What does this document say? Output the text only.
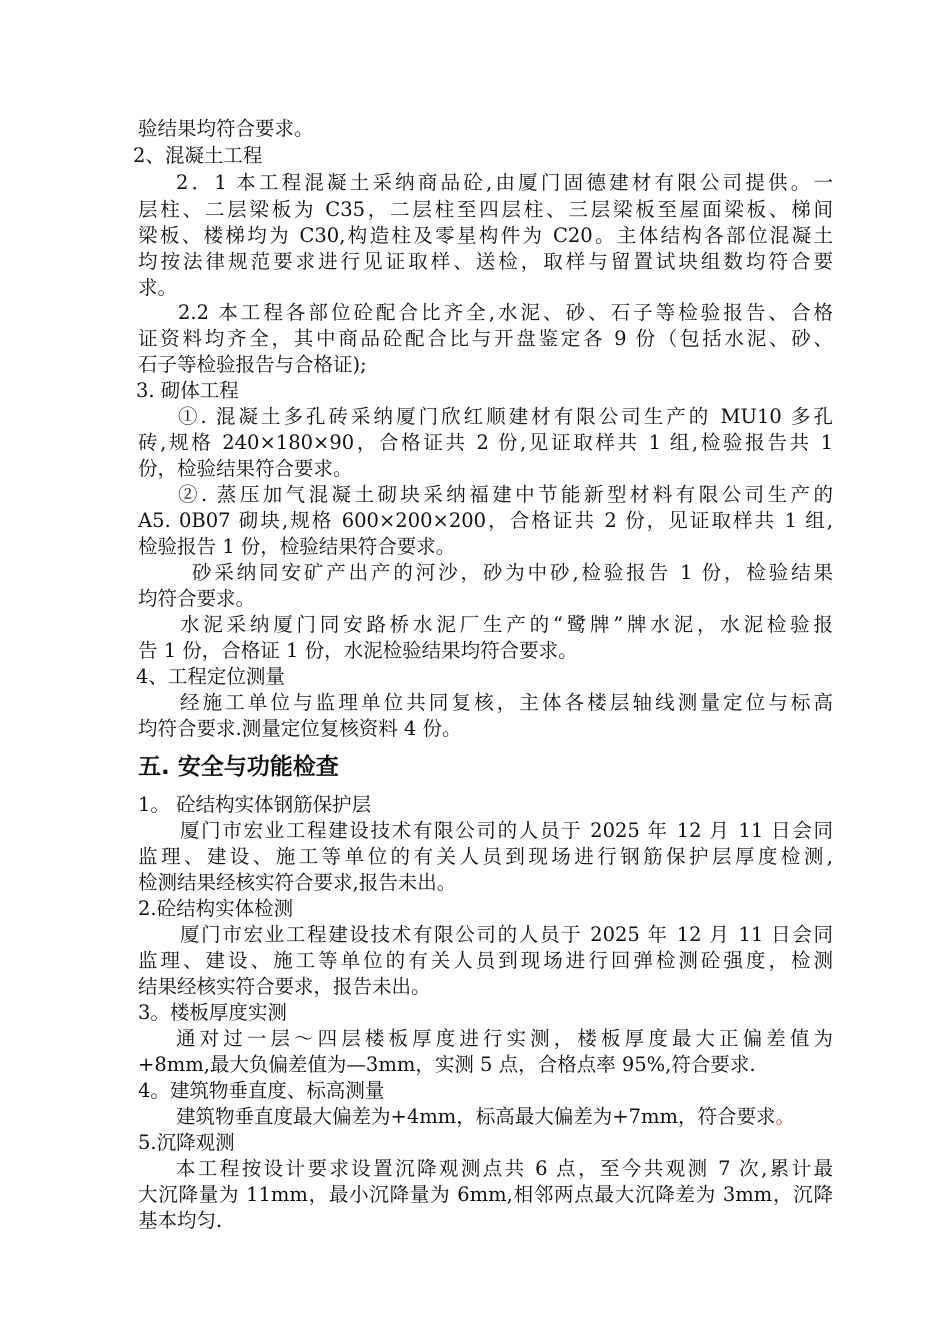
验结果均符合要求。
2、混凝土工程
2．1 本工程混凝土采纳商品砼,由厦门固德建材有限公司提供。一
层柱、二层梁板为 C35，二层柱至四层柱、三层梁板至屋面梁板、梯间
梁板、楼梯均为 C30,构造柱及零星构件为 C20。主体结构各部位混凝土
均按法律规范要求进行见证取样、送检，取样与留置试块组数均符合要
求。
2.2 本工程各部位砼配合比齐全,水泥、砂、石子等检验报告、合格
证资料均齐全，其中商品砼配合比与开盘鉴定各 9 份（包括水泥、砂、
石子等检验报告与合格证);
3. 砌体工程
①. 混凝土多孔砖采纳厦门欣红顺建材有限公司生产的 MU10 多孔
砖,规格 240×180×90，合格证共 2 份,见证取样共 1 组,检验报告共 1
份，检验结果符合要求。
②. 蒸压加气混凝土砌块采纳福建中节能新型材料有限公司生产的
A5. 0B07 砌块,规格 600×200×200，合格证共 2 份，见证取样共 1 组,
检验报告 1 份，检验结果符合要求。
砂采纳同安矿产出产的河沙，砂为中砂,检验报告 1 份，检验结果
均符合要求。
水泥采纳厦门同安路桥水泥厂生产的“鹭牌”牌水泥，水泥检验报
告 1 份，合格证 1 份，水泥检验结果均符合要求。
4、工程定位测量
经施工单位与监理单位共同复核，主体各楼层轴线测量定位与标高
均符合要求.测量定位复核资料 4 份。
五. 安全与功能检查
1。 砼结构实体钢筋保护层
厦门市宏业工程建设技术有限公司的人员于 2025 年 12 月 11 日会同
监理、建设、施工等单位的有关人员到现场进行钢筋保护层厚度检测,
检测结果经核实符合要求,报告未出。
2.砼结构实体检测
厦门市宏业工程建设技术有限公司的人员于 2025 年 12 月 11 日会同
监理、建设、施工等单位的有关人员到现场进行回弹检测砼强度，检测
结果经核实符合要求，报告未出。
3。楼板厚度实测
通对过一层～四层楼板厚度进行实测，楼板厚度最大正偏差值为
+8mm,最大负偏差值为—3mm，实测 5 点，合格点率 95%,符合要求.
4。建筑物垂直度、标高测量
建筑物垂直度最大偏差为+4mm，标高最大偏差为+7mm，符合要求。
5.沉降观测
本工程按设计要求设置沉降观测点共 6 点，至今共观测 7 次,累计最
大沉降量为 11mm，最小沉降量为 6mm,相邻两点最大沉降差为 3mm，沉降
基本均匀.
